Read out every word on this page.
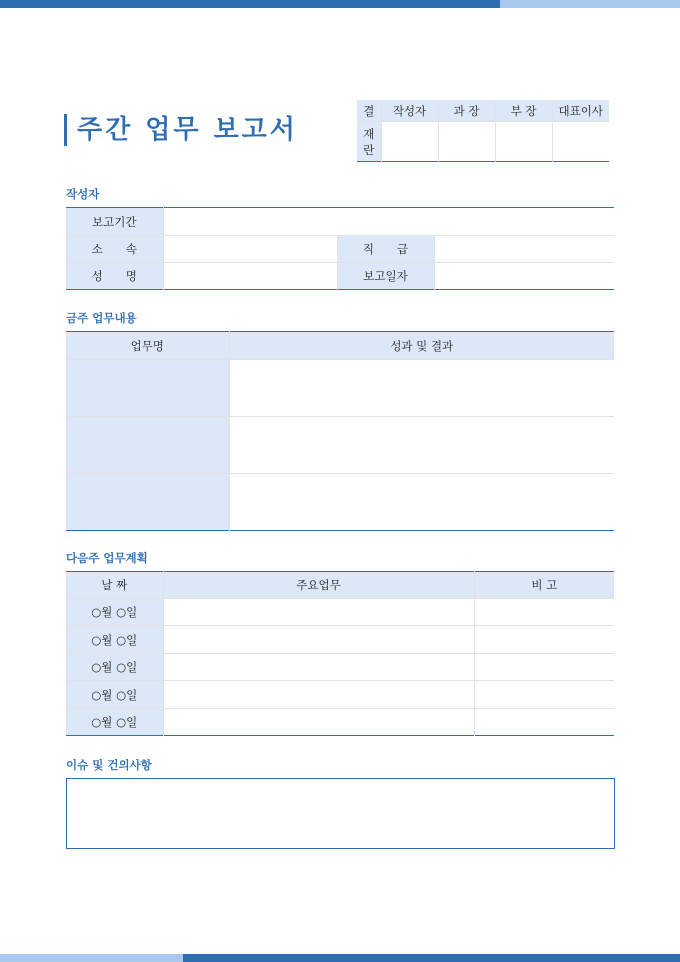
주간 업무 보고서
결	작성자	과 장	부 장	대표이사

재
란				

작성자
보고기간			
소　　속		직　　급	
성　　명		보고일자	
금주 업무내용
업무명	성과 및 결과

다음주 업무계획
날 짜	주요업무	비 고
○월 ○일		
○월 ○일		
○월 ○일		
○월 ○일		
○월 ○일		
이슈 및 건의사항
